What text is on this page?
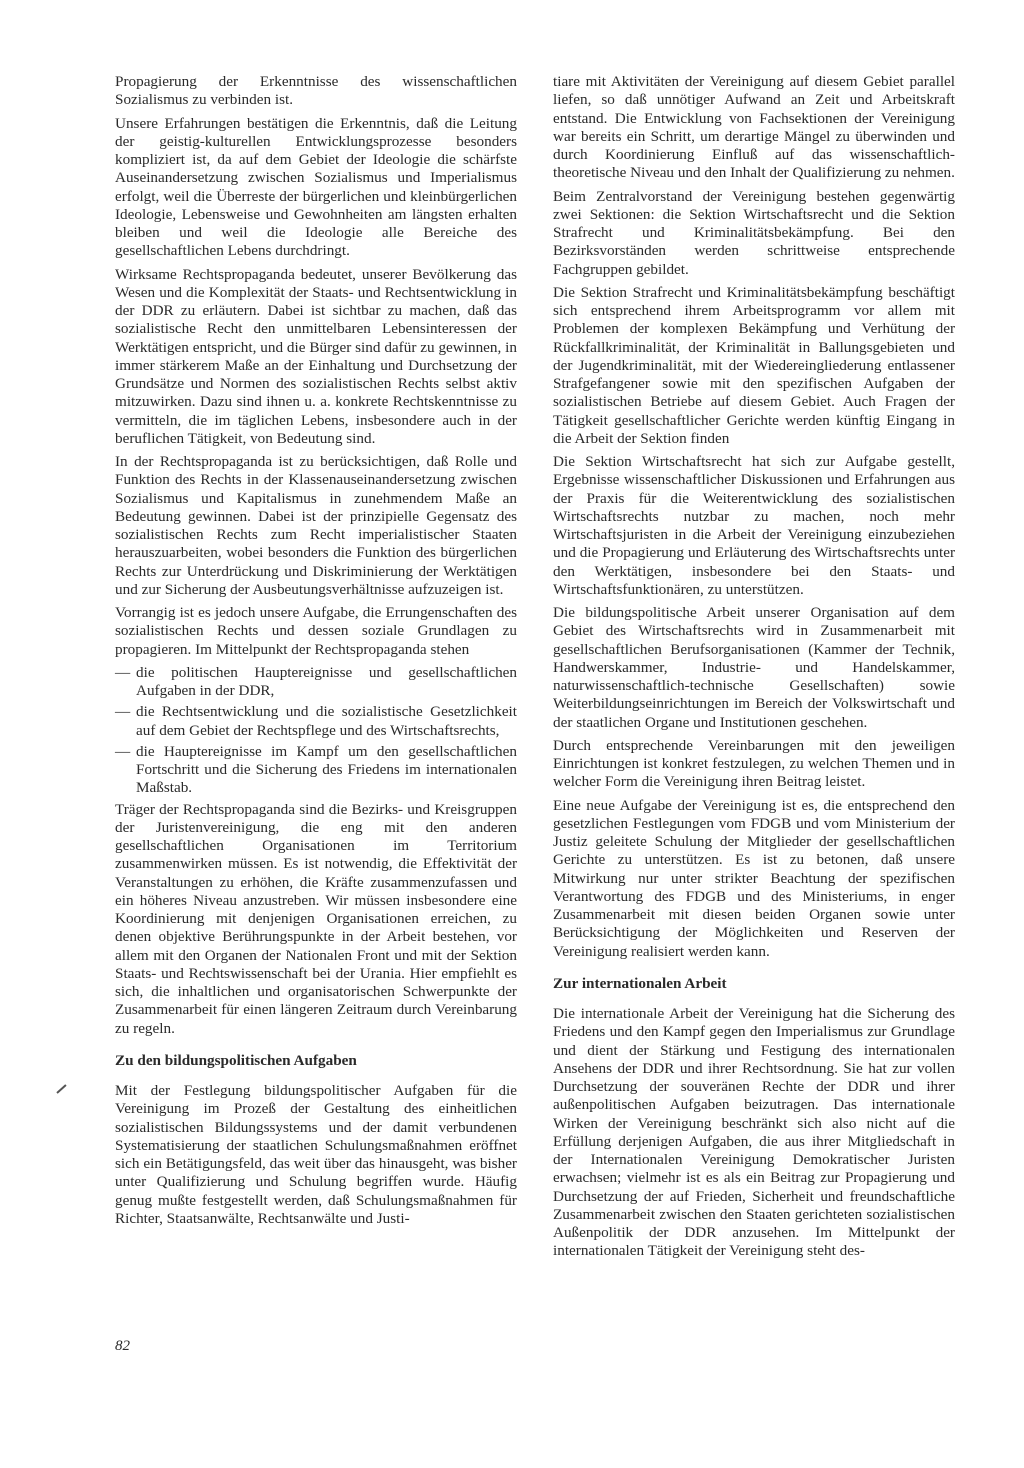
Propagierung der Erkenntnisse des wissenschaftlichen Sozialismus zu verbinden ist.

Unsere Erfahrungen bestätigen die Erkenntnis, daß die Leitung der geistig-kulturellen Entwicklungsprozesse besonders kompliziert ist, da auf dem Gebiet der Ideologie die schärfste Auseinandersetzung zwischen Sozialismus und Imperialismus erfolgt, weil die Überreste der bürgerlichen und kleinbürgerlichen Ideologie, Lebensweise und Gewohnheiten am längsten erhalten bleiben und weil die Ideologie alle Bereiche des gesellschaftlichen Lebens durchdringt.

Wirksame Rechtspropaganda bedeutet, unserer Bevölkerung das Wesen und die Komplexität der Staats- und Rechtsentwicklung in der DDR zu erläutern. Dabei ist sichtbar zu machen, daß das sozialistische Recht den unmittelbaren Lebensinteressen der Werktätigen entspricht, und die Bürger sind dafür zu gewinnen, in immer stärkerem Maße an der Einhaltung und Durchsetzung der Grundsätze und Normen des sozialistischen Rechts selbst aktiv mitzuwirken. Dazu sind ihnen u. a. konkrete Rechtskenntnisse zu vermitteln, die im täglichen Lebens, insbesondere auch in der beruflichen Tätigkeit, von Bedeutung sind.

In der Rechtspropaganda ist zu berücksichtigen, daß Rolle und Funktion des Rechts in der Klassenauseinandersetzung zwischen Sozialismus und Kapitalismus in zunehmendem Maße an Bedeutung gewinnen. Dabei ist der prinzipielle Gegensatz des sozialistischen Rechts zum Recht imperialistischer Staaten herauszuarbeiten, wobei besonders die Funktion des bürgerlichen Rechts zur Unterdrückung und Diskriminierung der Werktätigen und zur Sicherung der Ausbeutungsverhältnisse aufzuzeigen ist.

Vorrangig ist es jedoch unsere Aufgabe, die Errungenschaften des sozialistischen Rechts und dessen soziale Grundlagen zu propagieren. Im Mittelpunkt der Rechtspropaganda stehen

— die politischen Hauptereignisse und gesellschaftlichen Aufgaben in der DDR,
— die Rechtsentwicklung und die sozialistische Gesetzlichkeit auf dem Gebiet der Rechtspflege und des Wirtschaftsrechts,
— die Hauptereignisse im Kampf um den gesellschaftlichen Fortschritt und die Sicherung des Friedens im internationalen Maßstab.

Träger der Rechtspropaganda sind die Bezirks- und Kreisgruppen der Juristenvereinigung, die eng mit den anderen gesellschaftlichen Organisationen im Territorium zusammenwirken müssen. Es ist notwendig, die Effektivität der Veranstaltungen zu erhöhen, die Kräfte zusammenzufassen und ein höheres Niveau anzustreben. Wir müssen insbesondere eine Koordinierung mit denjenigen Organisationen erreichen, zu denen objektive Berührungspunkte in der Arbeit bestehen, vor allem mit den Organen der Nationalen Front und mit der Sektion Staats- und Rechtswissenschaft bei der Urania. Hier empfiehlt es sich, die inhaltlichen und organisatorischen Schwerpunkte der Zusammenarbeit für einen längeren Zeitraum durch Vereinbarung zu regeln.

Zu den bildungspolitischen Aufgaben

Mit der Festlegung bildungspolitischer Aufgaben für die Vereinigung im Prozeß der Gestaltung des einheitlichen sozialistischen Bildungssystems und der damit verbundenen Systematisierung der staatlichen Schulungsmaßnahmen eröffnet sich ein Betätigungsfeld, das weit über das hinausgeht, was bisher unter Qualifizierung und Schulung begriffen wurde. Häufig genug mußte festgestellt werden, daß Schulungsmaßnahmen für Richter, Staatsanwälte, Rechtsanwälte und Justi-

tiare mit Aktivitäten der Vereinigung auf diesem Gebiet parallel liefen, so daß unnötiger Aufwand an Zeit und Arbeitskraft entstand. Die Entwicklung von Fachsektionen der Vereinigung war bereits ein Schritt, um derartige Mängel zu überwinden und durch Koordinierung Einfluß auf das wissenschaftlich-theoretische Niveau und den Inhalt der Qualifizierung zu nehmen.

Beim Zentralvorstand der Vereinigung bestehen gegenwärtig zwei Sektionen: die Sektion Wirtschaftsrecht und die Sektion Strafrecht und Kriminalitätsbekämpfung. Bei den Bezirksvorständen werden schrittweise entsprechende Fachgruppen gebildet.

Die Sektion Strafrecht und Kriminalitätsbekämpfung beschäftigt sich entsprechend ihrem Arbeitsprogramm vor allem mit Problemen der komplexen Bekämpfung und Verhütung der Rückfallkriminalität, der Kriminalität in Ballungsgebieten und der Jugendkriminalität, mit der Wiedereingliederung entlassener Strafgefangener sowie mit den spezifischen Aufgaben der sozialistischen Betriebe auf diesem Gebiet. Auch Fragen der Tätigkeit gesellschaftlicher Gerichte werden künftig Eingang in die Arbeit der Sektion finden

Die Sektion Wirtschaftsrecht hat sich zur Aufgabe gestellt, Ergebnisse wissenschaftlicher Diskussionen und Erfahrungen aus der Praxis für die Weiterentwicklung des sozialistischen Wirtschaftsrechts nutzbar zu machen, noch mehr Wirtschaftsjuristen in die Arbeit der Vereinigung einzubeziehen und die Propagierung und Erläuterung des Wirtschaftsrechts unter den Werktätigen, insbesondere bei den Staats- und Wirtschaftsfunktionären, zu unterstützen.

Die bildungspolitische Arbeit unserer Organisation auf dem Gebiet des Wirtschaftsrechts wird in Zusammenarbeit mit gesellschaftlichen Berufsorganisationen (Kammer der Technik, Handwerskammer, Industrie- und Handelskammer, naturwissenschaftlich-technische Gesellschaften) sowie Weiterbildungseinrichtungen im Bereich der Volkswirtschaft und der staatlichen Organe und Institutionen geschehen.

Durch entsprechende Vereinbarungen mit den jeweiligen Einrichtungen ist konkret festzulegen, zu welchen Themen und in welcher Form die Vereinigung ihren Beitrag leistet.

Eine neue Aufgabe der Vereinigung ist es, die entsprechend den gesetzlichen Festlegungen vom FDGB und vom Ministerium der Justiz geleitete Schulung der Mitglieder der gesellschaftlichen Gerichte zu unterstützen. Es ist zu betonen, daß unsere Mitwirkung nur unter strikter Beachtung der spezifischen Verantwortung des FDGB und des Ministeriums, in enger Zusammenarbeit mit diesen beiden Organen sowie unter Berücksichtigung der Möglichkeiten und Reserven der Vereinigung realisiert werden kann.

Zur internationalen Arbeit

Die internationale Arbeit der Vereinigung hat die Sicherung des Friedens und den Kampf gegen den Imperialismus zur Grundlage und dient der Stärkung und Festigung des internationalen Ansehens der DDR und ihrer Rechtsordnung. Sie hat zur vollen Durchsetzung der souveränen Rechte der DDR und ihrer außenpolitischen Aufgaben beizutragen. Das internationale Wirken der Vereinigung beschränkt sich also nicht auf die Erfüllung derjenigen Aufgaben, die aus ihrer Mitgliedschaft in der Internationalen Vereinigung Demokratischer Juristen erwachsen; vielmehr ist es als ein Beitrag zur Propagierung und Durchsetzung der auf Frieden, Sicherheit und freundschaftliche Zusammenarbeit zwischen den Staaten gerichteten sozialistischen Außenpolitik der DDR anzusehen. Im Mittelpunkt der internationalen Tätigkeit der Vereinigung steht des-

82
